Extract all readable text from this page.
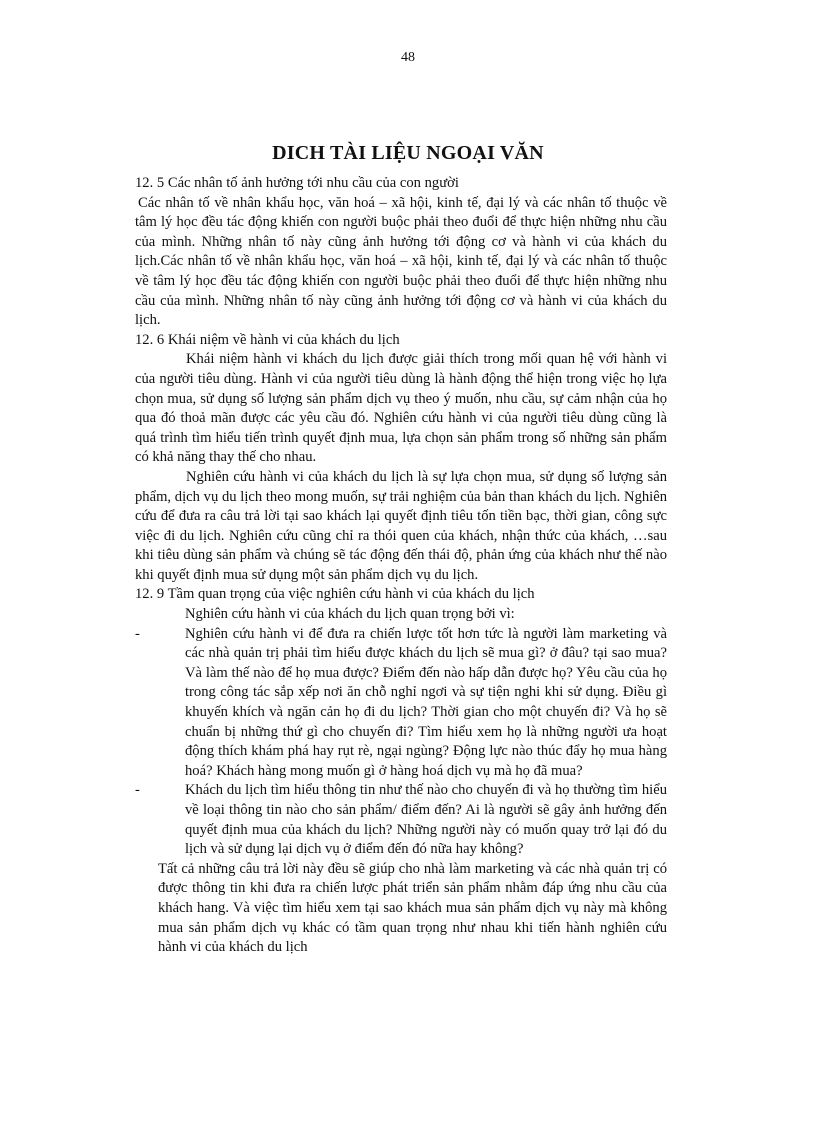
48
DICH TÀI LIỆU NGOẠI VĂN

12. 5 Các nhân tố ảnh hưởng tới nhu cầu của con người

Các nhân tố về nhân khẩu học, văn hoá – xã hội, kinh tế, đại lý và các nhân tố thuộc về tâm lý học đều tác động khiến con người buộc phải theo đuổi để thực hiện những nhu cầu của mình. Những nhân tố này cũng ảnh hưởng tới động cơ và hành vi của khách du lịch.Các nhân tố về nhân khẩu học, văn hoá – xã hội, kinh tế, đại lý và các nhân tố thuộc về tâm lý học đều tác động khiến con người buộc phải theo đuổi để thực hiện những nhu cầu của mình. Những nhân tố này cũng ảnh hưởng tới động cơ và hành vi của khách du lịch.

12. 6 Khái niệm về hành vi của khách du lịch

Khái niệm hành vi khách du lịch được giải thích trong mối quan hệ với hành vi của người tiêu dùng. Hành vi của người tiêu dùng là hành động thể hiện trong việc họ lựa chọn mua, sử dụng số lượng sản phẩm dịch vụ theo ý muốn, nhu cầu, sự cảm nhận của họ qua đó thoả mãn được các yêu cầu đó. Nghiên cứu hành vi của người tiêu dùng cũng là quá trình tìm hiểu tiến trình quyết định mua, lựa chọn sản phẩm trong số những sản phẩm có khả năng thay thế cho nhau.

Nghiên cứu hành vi của khách du lịch là sự lựa chọn mua, sử dụng số lượng sản phẩm, dịch vụ du lịch theo mong muốn, sự trải nghiệm của bản than khách du lịch. Nghiên cứu để đưa ra câu trả lời tại sao khách lại quyết định tiêu tốn tiền bạc, thời gian, công sực việc đi du lịch. Nghiên cứu cũng chỉ ra thói quen của khách, nhận thức của khách, …sau khi tiêu dùng sản phẩm và chúng sẽ tác động đến thái độ, phản ứng của khách như thế nào khi quyết định mua sử dụng một sản phẩm dịch vụ du lịch.

12. 9 Tầm quan trọng của việc nghiên cứu hành vi của khách du lịch

Nghiên cứu hành vi của khách du lịch quan trọng bởi vì:

-	Nghiên cứu hành vi để đưa ra chiến lược tốt hơn tức là người làm marketing và các nhà quản trị phải tìm hiểu được khách du lịch sẽ mua gì? ở đâu? tại sao mua? Và làm thế nào để họ mua được? Điểm đến nào hấp dẫn được họ? Yêu cầu của họ trong công tác sắp xếp nơi ăn chỗ nghỉ ngơi và sự tiện nghi khi sử dụng. Điều gì khuyến khích và ngăn cản họ đi du lịch? Thời gian cho một chuyến đi? Và họ sẽ chuẩn bị những thứ gì cho chuyến đi? Tìm hiểu xem họ là những người ưa hoạt động thích khám phá hay rụt rè, ngại ngùng? Động lực nào thúc đẩy họ mua hàng hoá? Khách hàng mong muốn gì ở hàng hoá dịch vụ mà họ đã mua?
-	Khách du lịch tìm hiểu thông tin như thế nào cho chuyến đi và họ thường tìm hiểu về loại thông tin nào cho sản phẩm/ điểm đến? Ai là người sẽ gây ảnh hưởng đến quyết định mua của khách du lịch? Những người này có muốn quay trở lại đó du lịch và sử dụng lại dịch vụ ở điểm đến đó nữa hay không?

Tất cả những câu trả lời này đều sẽ giúp cho nhà làm marketing và các nhà quản trị có được thông tin khi đưa ra chiến lược phát triển sản phẩm nhằm đáp ứng nhu cầu của khách hang. Và việc tìm hiểu xem tại sao khách mua sản phẩm dịch vụ này mà không mua sản phẩm dịch vụ khác có tầm quan trọng như nhau khi tiến hành nghiên cứu hành vi của khách du lịch
